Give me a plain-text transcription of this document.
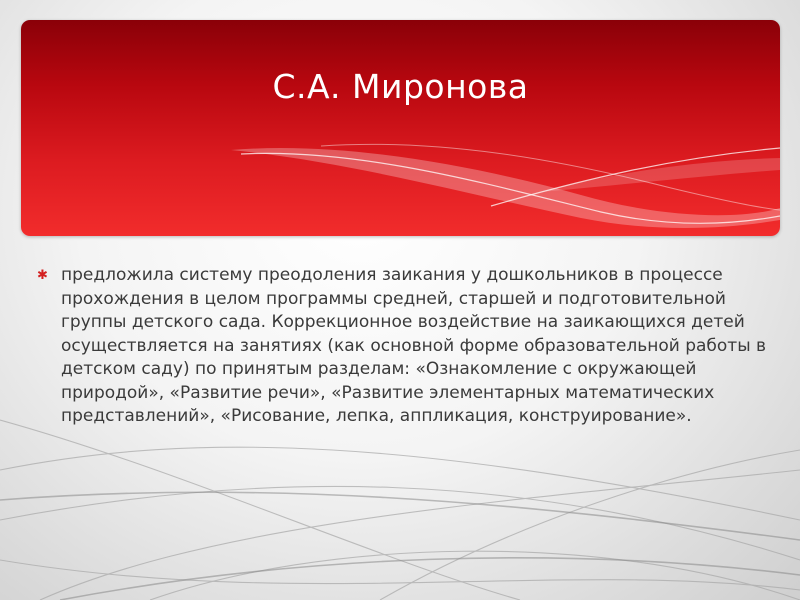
С.А. Миронова
✱ предложила систему преодоления заикания у дошкольников в процессе прохождения в целом программы средней, старшей и подготовительной группы детского сада. Коррекционное воздействие на заикающихся детей осуществляется на занятиях (как основной форме образовательной работы в детском саду) по принятым разделам: «Ознакомление с окружающей природой», «Развитие речи», «Развитие элементарных математических представлений», «Рисование, лепка, аппликация, конструирование».
